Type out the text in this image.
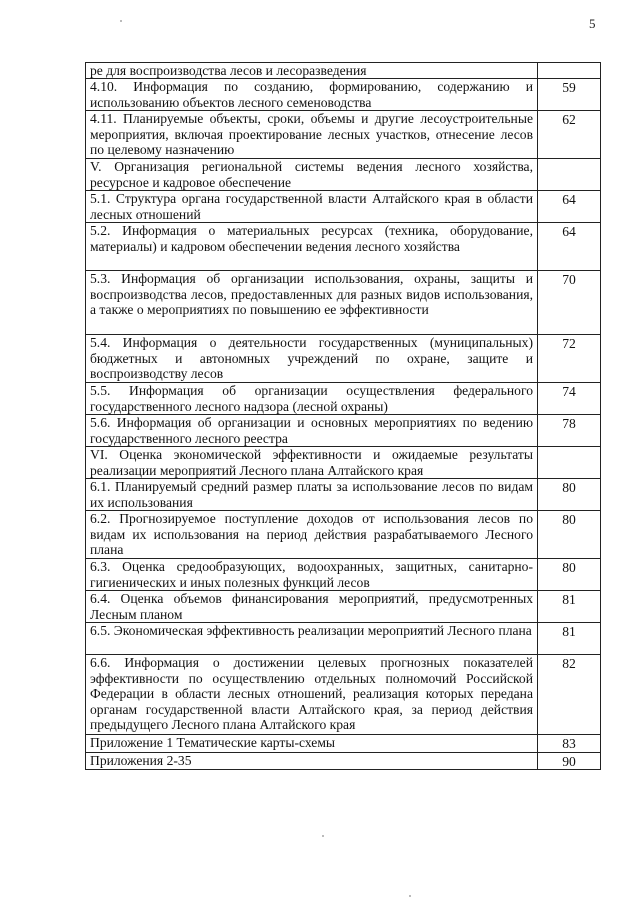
5
ре для воспроизводства лесов и лесоразведения	
4.10. Информация по созданию, формированию, содержанию и использованию объектов лесного семеноводства	59
4.11. Планируемые объекты, сроки, объемы и другие лесоустроительные мероприятия, включая проектирование лесных участков, отнесение лесов по целевому назначению	62
V. Организация региональной системы ведения лесного хозяйства, ресурсное и кадровое обеспечение	
5.1. Структура органа государственной власти Алтайского края в области лесных отношений	64
5.2. Информация о материальных ресурсах (техника, оборудование, материалы) и кадровом обеспечении ведения лесного хозяйства	64
5.3. Информация об организации использования, охраны, защиты и воспроизводства лесов, предоставленных для разных видов использования, а также о мероприятиях по повышению ее эффективности	70
5.4. Информация о деятельности государственных (муниципальных) бюджетных и автономных учреждений по охране, защите и воспроизводству лесов	72
5.5. Информация об организации осуществления федерального государственного лесного надзора (лесной охраны)	74
5.6. Информация об организации и основных мероприятиях по ведению государственного лесного реестра	78
VI. Оценка экономической эффективности и ожидаемые результаты реализации мероприятий Лесного плана Алтайского края	
6.1. Планируемый средний размер платы за использование лесов по видам их использования	80
6.2. Прогнозируемое поступление доходов от использования лесов по видам их использования на период действия разрабатываемого Лесного плана	80
6.3. Оценка средообразующих, водоохранных, защитных, санитарно-гигиенических и иных полезных функций лесов	80
6.4. Оценка объемов финансирования мероприятий, предусмотренных Лесным планом	81
6.5. Экономическая эффективность реализации мероприятий Лесного плана	81
6.6. Информация о достижении целевых прогнозных показателей эффективности по осуществлению отдельных полномочий Российской Федерации в области лесных отношений, реализация которых передана органам государственной власти Алтайского края, за период действия предыдущего Лесного плана Алтайского края	82
Приложение 1 Тематические карты-схемы	83
Приложения 2-35	90
